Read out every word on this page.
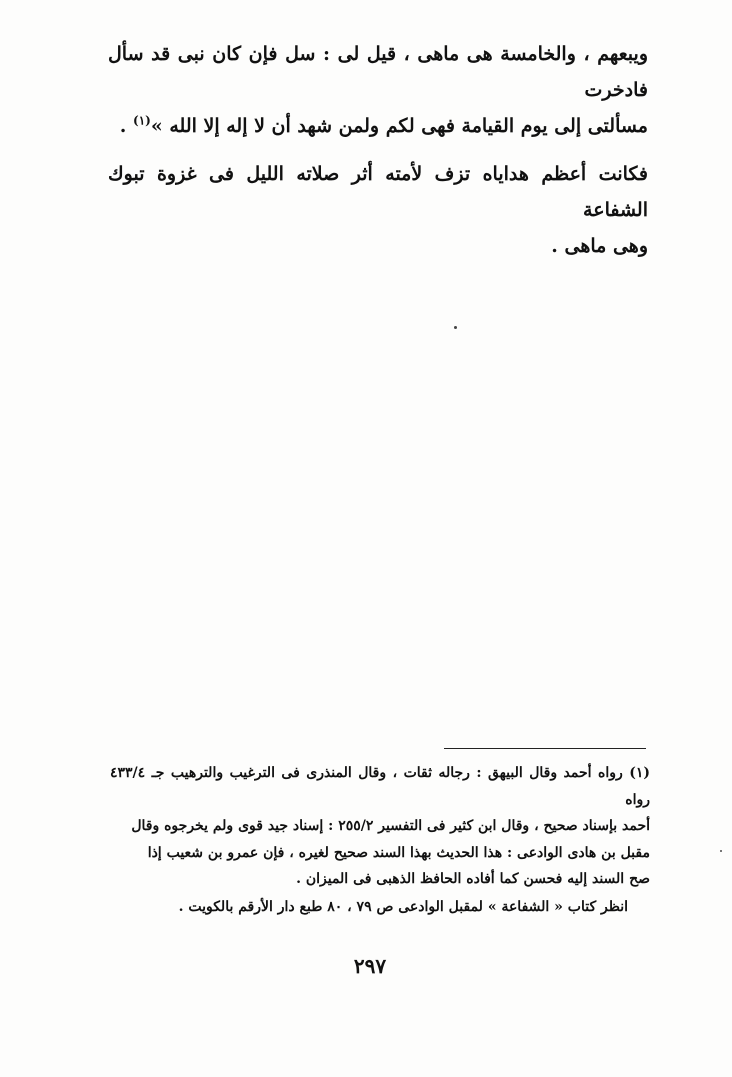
ويبعهم ، والخامسة هى ماهى ، قيل لى : سل فإن كان نبى قد سأل فادخرت
مسألتى إلى يوم القيامة فهى لكم ولمن شهد أن لا إله إلا الله »$^{(١)}$ .

فكانت أعظم هداياه تزف لأمته أثر صلاته الليل فى غزوة تبوك الشفاعة
وهى ماهى .

(١) رواه أحمد وقال البيهق : رجاله ثقات ، وقال المنذرى فى الترغيب والترهيب جـ ٤٣٣/٤ رواه

أحمد بإسناد صحيح ، وقال ابن كثير فى التفسير ٢٥٥/٢ : إسناد جيد قوى ولم يخرجوه وقال

مقبل بن هادى الوادعى : هذا الحديث بهذا السند صحيح لغيره ، فإن عمرو بن شعيب إذا

صح السند إليه فحسن كما أفاده الحافظ الذهبى فى الميزان .

انظر كتاب « الشفاعة » لمقبل الوادعى ص ٧٩ ، ٨٠ طبع دار الأرقم بالكويت .

٢٩٧
